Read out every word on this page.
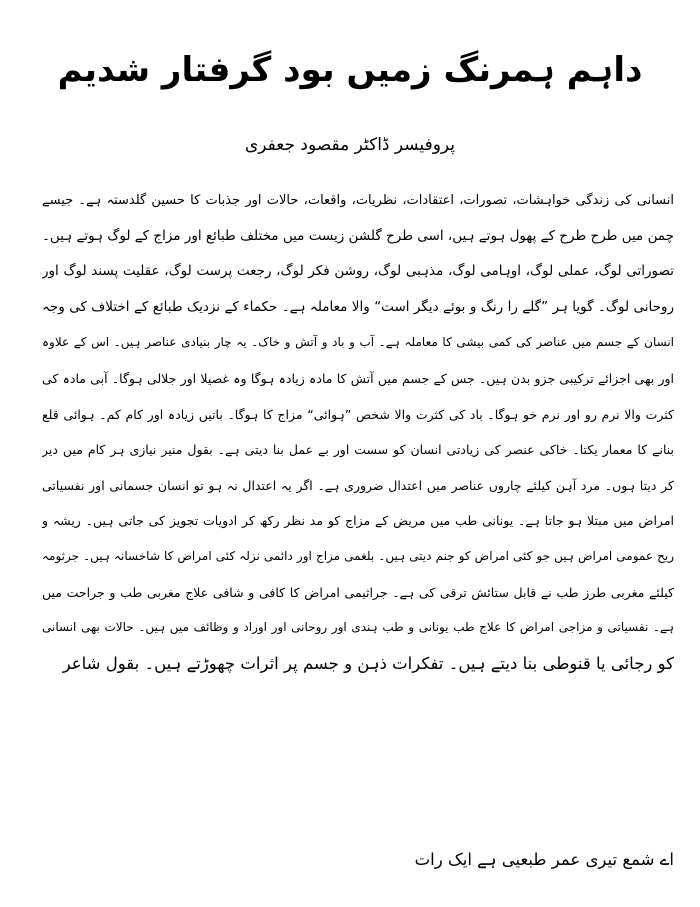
داہم ہمرنگ زمیں بود گرفتار شدیم
پروفیسر ڈاکٹر مقصود جعفری
انسانی کی زندگی خواہشات، تصورات، اعتقادات، نظریات، واقعات، حالات اور جذبات کا حسین گلدستہ ہے۔ جیسے
چمن میں طرح طرح کے پھول ہوتے ہیں، اسی طرح گلشن زیست میں مختلف طبائع اور مزاج کے لوگ ہوتے ہیں۔
تصوراتی لوگ، عملی لوگ، اوہامی لوگ، مذہبی لوگ، روشن فکر لوگ، رجعت پرست لوگ، عقلیت پسند لوگ اور
روحانی لوگ۔ گویا ہر ”گلے را رنگ و بوئے دیگر است“ والا معاملہ ہے۔ حکماء کے نزدیک طبائع کے اختلاف کی وجہ
انسان کے جسم میں عناصر کی کمی بیشی کا معاملہ ہے۔ آب و باد و آتش و خاک۔ یہ چار بنیادی عناصر ہیں۔ اس کے علاوہ
اور بھی اجزائے ترکیبی جزو بدن ہیں۔ جس کے جسم میں آتش کا مادہ زیادہ ہوگا وہ غصیلا اور جلالی ہوگا۔ آبی مادہ کی
کثرت والا نرم رو اور نرم خو ہوگا۔ باد کی کثرت والا شخص ”ہوائی“ مزاج کا ہوگا۔ باتیں زیادہ اور کام کم۔ ہوائی قلع
بنانے کا معمار یکتا۔ خاکی عنصر کی زیادتی انسان کو سست اور بے عمل بنا دیتی ہے۔ بقول منیر نیازی ہر کام میں دیر
کر دیتا ہوں۔ مرد آہن کیلئے چاروں عناصر میں اعتدال ضروری ہے۔ اگر یہ اعتدال نہ ہو تو انسان جسمانی اور نفسیاتی
امراض میں مبتلا ہو جاتا ہے۔ یونانی طب میں مریض کے مزاج کو مد نظر رکھ کر ادویات تجویز کی جاتی ہیں۔ ریشہ و
ریح عمومی امراض ہیں جو کئی امراض کو جنم دیتی ہیں۔ بلغمی مزاج اور دائمی نزلہ کئی امراض کا شاخسانہ ہیں۔ جرثومہ
کیلئے مغربی طرز طب نے قابل ستائش ترقی کی ہے۔ جراثیمی امراض کا کافی و شافی علاج مغربی طب و جراحت میں
ہے۔ نفسیاتی و مزاجی امراض کا علاج طب یونانی و طب ہندی اور روحانی اور اوراد و وظائف میں ہیں۔ حالات بھی انسانی
کو رجائی یا قنوطی بنا دیتے ہیں۔ تفکرات ذہن و جسم پر اثرات چھوڑتے ہیں۔ بقول شاعر
اے شمع تیری عمر طبعیی ہے ایک رات
